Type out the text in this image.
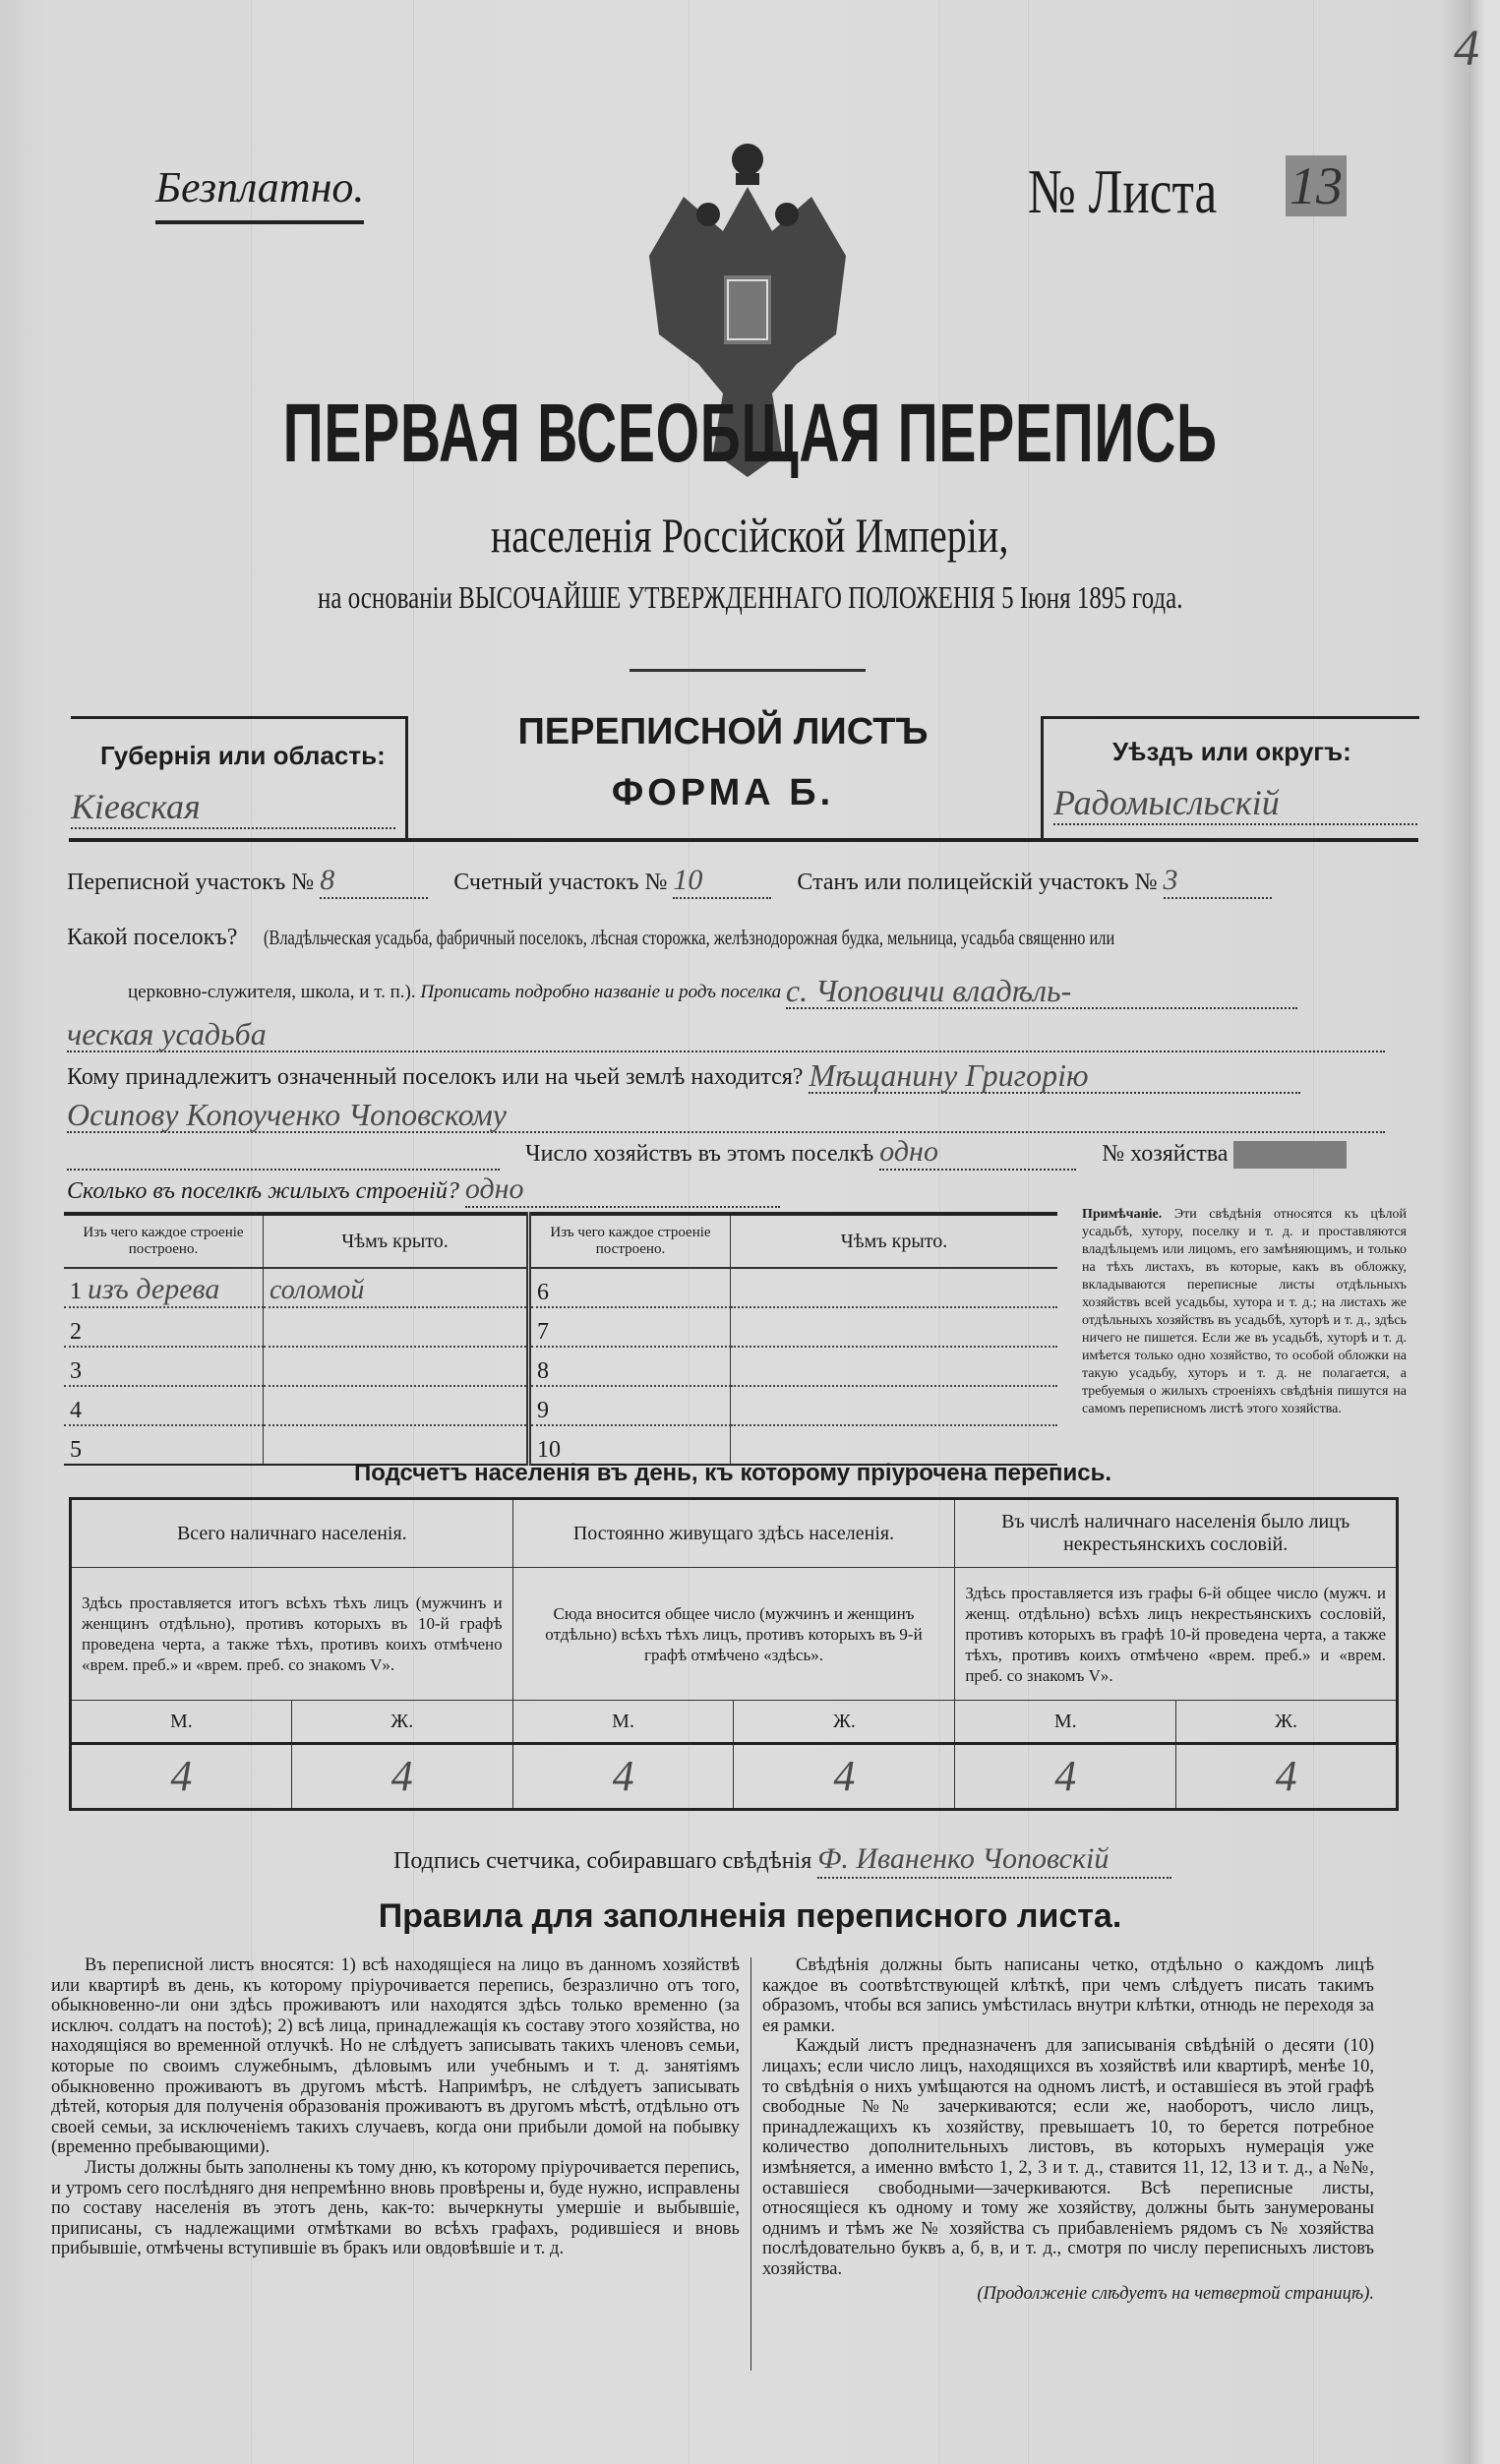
4
Безплатно.	№ Листа 13
ПЕРВАЯ ВСЕОБЩАЯ ПЕРЕПИСЬ
населенія Россійской Имперіи,
на основаніи ВЫСОЧАЙШЕ УТВЕРЖДЕННАГО ПОЛОЖЕНІЯ 5 Іюня 1895 года.
Губернія или область:
Кіевская
ПЕРЕПИСНОЙ ЛИСТЪ
ФОРМА Б.
Уѣздъ или округъ:
Радомысльскій
Переписной участокъ № 8	Счетный участокъ № 10	Станъ или полицейскій участокъ № 3
Какой поселокъ? (Владѣльческая усадьба, фабричный поселокъ, лѣсная сторожка, желѣзнодорожная будка, мельница, усадьба священно или
церковно-служителя, школа, и т. п.). Прописать подробно названіе и родъ поселка с. Чоповичи владѣль-
ческая усадьба
Кому принадлежитъ означенный поселокъ или на чьей землѣ находится? Мѣщанину Григорію
Осипову Копоученко Чоповскому
Число хозяйствъ въ этомъ поселкѣ одно	№ хозяйства
Сколько въ поселкѣ жилыхъ строеній? одно
Изъ чего каждое строеніе построено.	Чѣмъ крыто.	Изъ чего каждое строеніе построено.	Чѣмъ крыто.
1 изъ дерева	соломой	6	
2		7	
3		8	
4		9	
5		10	
Примѣчаніе. Эти свѣдѣнія относятся къ цѣлой усадьбѣ, хутору, поселку и т. д. и проставляются владѣльцемъ или лицомъ, его замѣняющимъ, и только на тѣхъ листахъ, въ которые, какъ въ обложку, вкладываются переписные листы отдѣльныхъ хозяйствъ всей усадьбы, хутора и т. д.; на листахъ же отдѣльныхъ хозяйствъ въ усадьбѣ, хуторѣ и т. д., здѣсь ничего не пишется. Если же въ усадьбѣ, хуторѣ и т. д. имѣется только одно хозяйство, то особой обложки на такую усадьбу, хуторъ и т. д. не полагается, а требуемыя о жилыхъ строеніяхъ свѣдѣнія пишутся на самомъ переписномъ листѣ этого хозяйства.
Подсчетъ населенія въ день, къ которому пріурочена перепись.
Всего наличнаго населенія.		Постоянно живущаго здѣсь населенія.		Въ числѣ наличнаго населенія было лицъ некрестьянскихъ сословій.	
Здѣсь проставляется итогъ всѣхъ тѣхъ лицъ (мужчинъ и женщинъ отдѣльно), противъ которыхъ въ 10-й графѣ проведена черта, а также тѣхъ, противъ коихъ отмѣчено «врем. преб.» и «врем. преб. со знакомъ V».		Сюда вносится общее число (мужчинъ и женщинъ отдѣльно) всѣхъ тѣхъ лицъ, противъ которыхъ въ 9-й графѣ отмѣчено «здѣсь».		Здѣсь проставляется изъ графы 6-й общее число (мужч. и женщ. отдѣльно) всѣхъ лицъ некрестьянскихъ сословій, противъ которыхъ въ графѣ 10-й проведена черта, а также тѣхъ, противъ коихъ отмѣчено «врем. преб.» и «врем. преб. со знакомъ V».	
М.	Ж.	М.	Ж.	М.	Ж.
4	4	4	4	4	4
Подпись счетчика, собиравшаго свѣдѣнія Ф. Иваненко Чоповскій
Правила для заполненія переписного листа.

Въ переписной листъ вносятся: 1) всѣ находящіеся на лицо въ данномъ хозяйствѣ или квартирѣ въ день, къ которому пріурочивается перепись, безразлично отъ того, обыкновенно-ли они здѣсь проживаютъ или находятся здѣсь только временно (за исключ. солдатъ на постоѣ); 2) всѣ лица, принадлежащія къ составу этого хозяйства, но находящіяся во временной отлучкѣ. Но не слѣдуетъ записывать такихъ членовъ семьи, которые по своимъ служебнымъ, дѣловымъ или учебнымъ и т. д. занятіямъ обыкновенно проживаютъ въ другомъ мѣстѣ. Напримѣръ, не слѣдуетъ записывать дѣтей, которыя для полученія образованія проживаютъ въ другомъ мѣстѣ, отдѣльно отъ своей семьи, за исключеніемъ такихъ случаевъ, когда они прибыли домой на побывку (временно пребывающими).

Листы должны быть заполнены къ тому дню, къ которому пріурочивается перепись, и утромъ сего послѣдняго дня непремѣнно вновь провѣрены и, буде нужно, исправлены по составу населенія въ этотъ день, как-то: вычеркнуты умершіе и выбывшіе, приписаны, съ надлежащими отмѣтками во всѣхъ графахъ, родившіеся и вновь прибывшіе, отмѣчены вступившіе въ бракъ или овдовѣвшіе и т. д.

Свѣдѣнія должны быть написаны четко, отдѣльно о каждомъ лицѣ каждое въ соотвѣтствующей клѣткѣ, при чемъ слѣдуетъ писать такимъ образомъ, чтобы вся запись умѣстилась внутри клѣтки, отнюдь не переходя за ея рамки.

Каждый листъ предназначенъ для записыванія свѣдѣній о десяти (10) лицахъ; если число лицъ, находящихся въ хозяйствѣ или квартирѣ, менѣе 10, то свѣдѣнія о нихъ умѣщаются на одномъ листѣ, и оставшіеся въ этой графѣ свободные №№ зачеркиваются; если же, наоборотъ, число лицъ, принадлежащихъ къ хозяйству, превышаетъ 10, то берется потребное количество дополнительныхъ листовъ, въ которыхъ нумерація уже измѣняется, а именно вмѣсто 1, 2, 3 и т. д., ставится 11, 12, 13 и т. д., а №№, оставшіеся свободными—зачеркиваются. Всѣ переписные листы, относящіеся къ одному и тому же хозяйству, должны быть занумерованы однимъ и тѣмъ же № хозяйства съ прибавленіемъ рядомъ съ № хозяйства послѣдовательно буквъ а, б, в, и т. д., смотря по числу переписныхъ листовъ хозяйства.

(Продолженіе слѣдуетъ на четвертой страницѣ).
